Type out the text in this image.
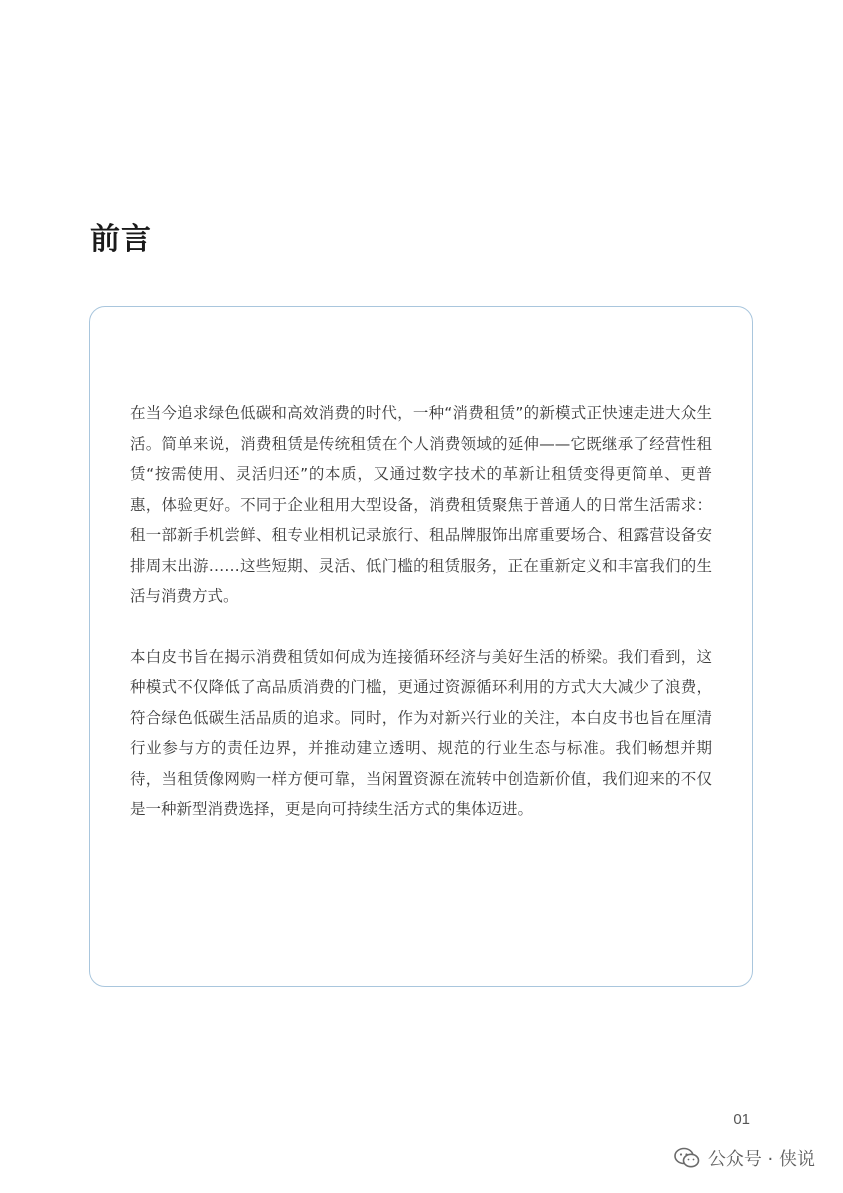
前言

在当今追求绿色低碳和高效消费的时代，一种“消费租赁”的新模式正快速走进大众生活。简单来说，消费租赁是传统租赁在个人消费领域的延伸——它既继承了经营性租赁“按需使用、灵活归还”的本质，又通过数字技术的革新让租赁变得更简单、更普惠，体验更好。不同于企业租用大型设备，消费租赁聚焦于普通人的日常生活需求：租一部新手机尝鲜、租专业相机记录旅行、租品牌服饰出席重要场合、租露营设备安排周末出游……这些短期、灵活、低门槛的租赁服务，正在重新定义和丰富我们的生活与消费方式。

本白皮书旨在揭示消费租赁如何成为连接循环经济与美好生活的桥梁。我们看到，这种模式不仅降低了高品质消费的门槛，更通过资源循环利用的方式大大减少了浪费，符合绿色低碳生活品质的追求。同时，作为对新兴行业的关注，本白皮书也旨在厘清行业参与方的责任边界，并推动建立透明、规范的行业生态与标准。我们畅想并期待，当租赁像网购一样方便可靠，当闲置资源在流转中创造新价值，我们迎来的不仅是一种新型消费选择，更是向可持续生活方式的集体迈进。

01
公众号 · 侠说
